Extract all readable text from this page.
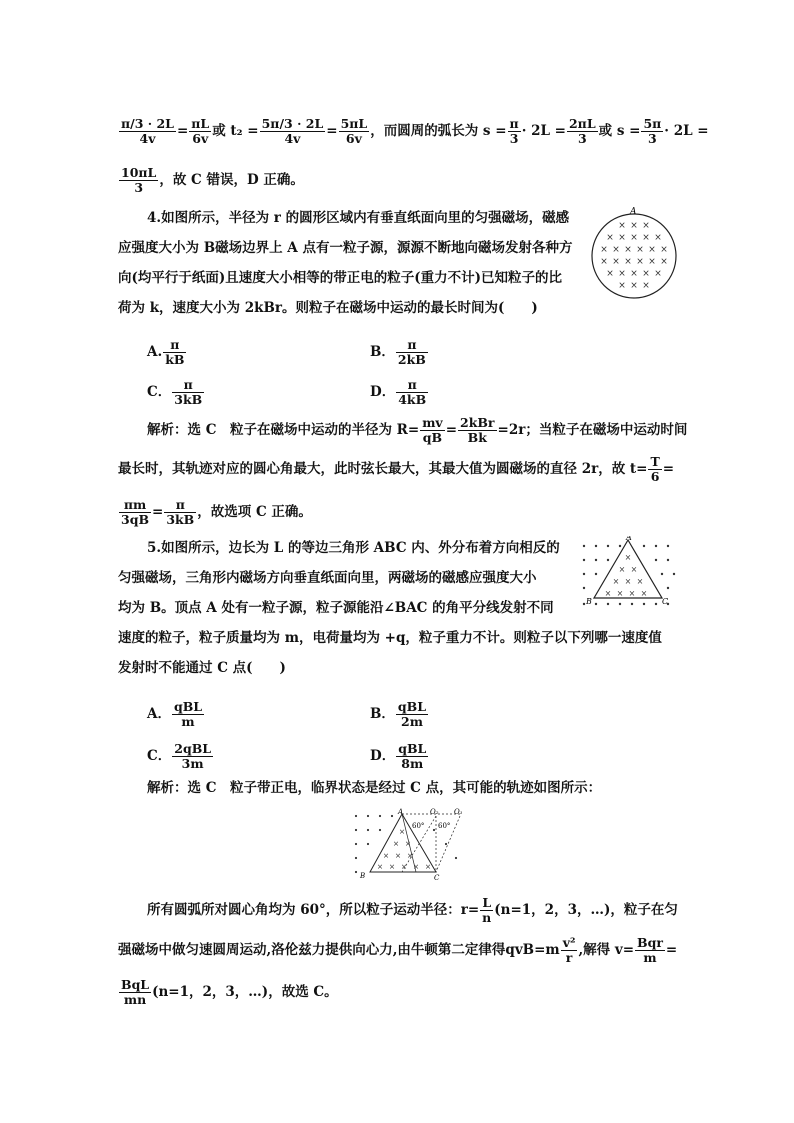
$\frac{\pi/3 \cdot 2L}{4v} = \frac{\pi L}{6v}$ 或 $t_2 = \frac{5\pi/3 \cdot 2L}{4v} = \frac{5\pi L}{6v}$ ，而圆周的弧长为 $s = \frac{\pi}{3} \cdot 2L = \frac{2\pi L}{3}$ 或 $s = \frac{5\pi}{3} \cdot 2L$ =
$\frac{10\pi L}{3}$ ，故 C 错误，D 正确。
4.如图所示，半径为 r 的圆形区域内有垂直纸面向里的匀强磁场，磁感
应强度大小为 B磁场边界上 A 点有一粒子源，源源不断地向磁场发射各种方
向(均平行于纸面)且速度大小相等的带正电的粒子(重力不计)已知粒子的比
荷为 k，速度大小为 2kBr。则粒子在磁场中运动的最长时间为(　　)
A
× × ×
× × × × ×
× × × × × ×
× × × × × ×
× × × × ×
× × ×
A. $\frac{\pi}{kB}$	B． $\frac{\pi}{2kB}$
C． $\frac{\pi}{3kB}$	D． $\frac{\pi}{4kB}$
解析：选 C　粒子在磁场中运动的半径为 $R= \frac{mv}{qB} = \frac{\text{2kBr}}{Bk} =2r$；当粒子在磁场中运动时间
最长时，其轨迹对应的圆心角最大，此时弦长最大，其最大值为圆磁场的直径 2r，故 $t= \frac{T}{6}$ =
$\frac{\pi m}{3qB} = \frac{\pi}{3kB}$ ，故选项 C 正确。
5.如图所示，边长为 L 的等边三角形 ABC 内、外分布着方向相反的
匀强磁场，三角形内磁场方向垂直纸面向里，两磁场的磁感应强度大小
均为 B。顶点 A 处有一粒子源，粒子源能沿∠BAC 的角平分线发射不同
速度的粒子，粒子质量均为 m，电荷量均为 +q，粒子重力不计。则粒子以下列哪一速度值
发射时不能通过 C 点(　　)
×
× ×
× × ×
× × × ×
A
B	C
A． $\frac{\text{qBL}}{m}$	B． $\frac{\text{qBL}}{2m}$
C． $\frac{\text{2qBL}}{3m}$	D． $\frac{\text{qBL}}{8m}$
解析：选 C　粒子带正电，临界状态是经过 C 点，其可能的轨迹如图所示：
×
× ×
× × ×
× × × × ×
A
B	C
O₂ O₁
60° 60°
所有圆弧所对圆心角均为 60°，所以粒子运动半径：$r= \frac{L}{n} (n=1$，2，3，…)，粒子在匀
强磁场中做匀速圆周运动,洛伦兹力提供向心力,由牛顿第二定律得$qvB=m \frac{\text{v²}}{r}$ ,解得 $v= \frac{\text{Bqr}}{m}$ =
$\frac{\text{BqL}}{mn} (n=1$，2，3，…)，故选 C。
